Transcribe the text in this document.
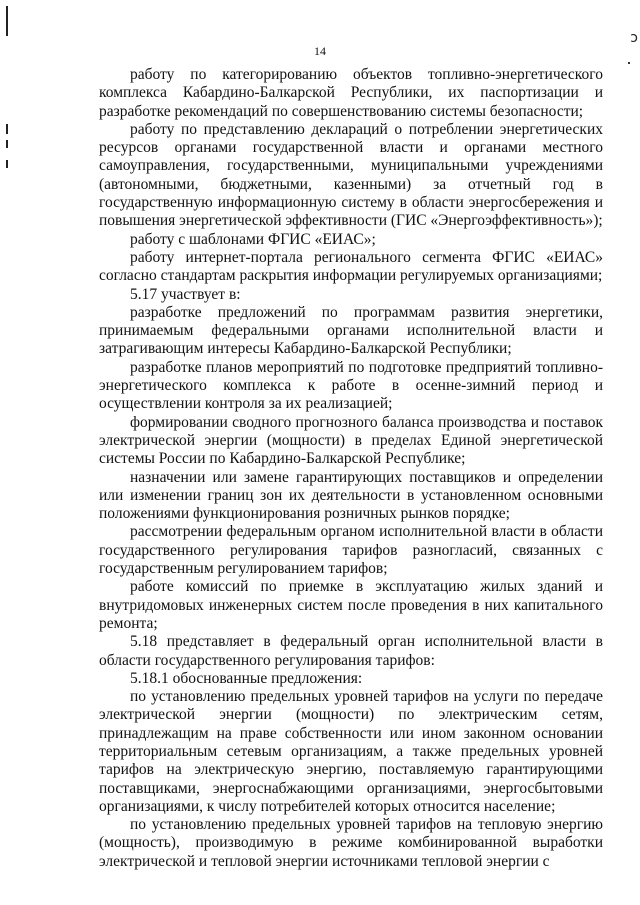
ɔ
14

работу по категорированию объектов топливно-энергетического комплекса Кабардино-Балкарской Республики, их паспортизации и разработке рекомендаций по совершенствованию системы безопасности;

работу по представлению деклараций о потреблении энергетических ресурсов органами государственной власти и органами местного самоуправления, государственными, муниципальными учреждениями (автономными, бюджетными, казенными) за отчетный год в государственную информационную систему в области энергосбережения и повышения энергетической эффективности (ГИС «Энергоэффективность»);

работу с шаблонами ФГИС «ЕИАС»;

работу интернет-портала регионального сегмента ФГИС «ЕИАС» согласно стандартам раскрытия информации регулируемых организациями;

5.17 участвует в:

разработке предложений по программам развития энергетики, принимаемым федеральными органами исполнительной власти и затрагивающим интересы Кабардино-Балкарской Республики;

разработке планов мероприятий по подготовке предприятий топливно-энергетического комплекса к работе в осенне-зимний период и осуществлении контроля за их реализацией;

формировании сводного прогнозного баланса производства и поставок электрической энергии (мощности) в пределах Единой энергетической системы России по Кабардино-Балкарской Республике;

назначении или замене гарантирующих поставщиков и определении или изменении границ зон их деятельности в установленном основными положениями функционирования розничных рынков порядке;

рассмотрении федеральным органом исполнительной власти в области государственного регулирования тарифов разногласий, связанных с государственным регулированием тарифов;

работе комиссий по приемке в эксплуатацию жилых зданий и внутридомовых инженерных систем после проведения в них капитального ремонта;

5.18 представляет в федеральный орган исполнительной власти в области государственного регулирования тарифов:

5.18.1 обоснованные предложения:

по установлению предельных уровней тарифов на услуги по передаче электрической энергии (мощности) по электрическим сетям, принадлежащим на праве собственности или ином законном основании территориальным сетевым организациям, а также предельных уровней тарифов на электрическую энергию, поставляемую гарантирующими поставщиками, энергоснабжающими организациями, энергосбытовыми организациями, к числу потребителей которых относится население;

по установлению предельных уровней тарифов на тепловую энергию (мощность), производимую в режиме комбинированной выработки электрической и тепловой энергии источниками тепловой энергии с
